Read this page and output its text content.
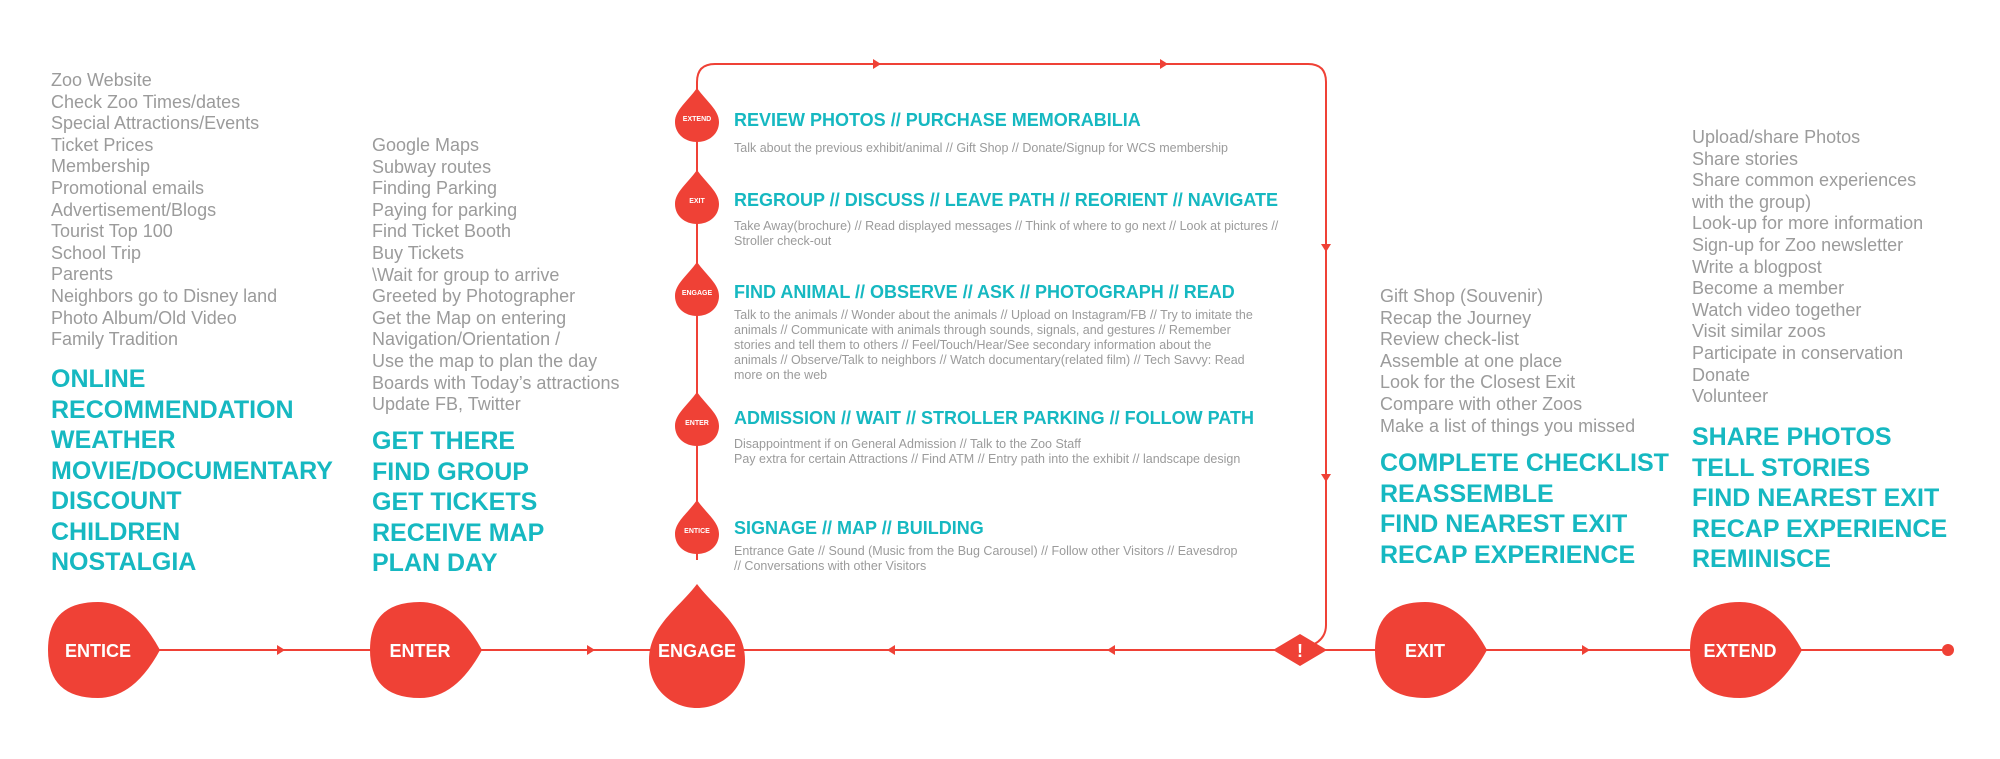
Zoo Website
Check Zoo Times/dates
Special Attractions/Events
Ticket Prices
Membership
Promotional emails
Advertisement/Blogs
Tourist Top 100
School Trip
Parents
Neighbors go to Disney land
Photo Album/Old Video
Family Tradition
ONLINE
RECOMMENDATION
WEATHER
MOVIE/DOCUMENTARY
DISCOUNT
CHILDREN
NOSTALGIA
Google Maps
Subway routes
Finding Parking
Paying for parking
Find Ticket Booth
Buy Tickets
\Wait for group to arrive
Greeted by Photographer
Get the Map on entering
Navigation/Orientation /
Use the map to plan the day
Boards with Today’s attractions
Update FB, Twitter
GET THERE
FIND GROUP
GET TICKETS
RECEIVE MAP
PLAN DAY
Gift Shop (Souvenir)
Recap the Journey
Review check-list
Assemble at one place
Look for the Closest Exit
Compare with other Zoos
Make a list of things you missed
COMPLETE CHECKLIST
REASSEMBLE
FIND NEAREST EXIT
RECAP EXPERIENCE
Upload/share Photos
Share stories
Share common experiences
with the group)
Look-up for more information
Sign-up for Zoo newsletter
Write a blogpost
Become a member
Watch video together
Visit similar zoos
Participate in conservation
Donate
Volunteer
SHARE PHOTOS
TELL STORIES
FIND NEAREST EXIT
RECAP EXPERIENCE
REMINISCE
REVIEW PHOTOS // PURCHASE MEMORABILIA
Talk about the previous exhibit/animal // Gift Shop // Donate/Signup for WCS membership
REGROUP // DISCUSS // LEAVE PATH // REORIENT // NAVIGATE
Take Away(brochure) // Read displayed messages // Think of where to go next // Look at pictures //
Stroller check-out
FIND ANIMAL // OBSERVE // ASK // PHOTOGRAPH // READ
Talk to the animals // Wonder about the animals // Upload on Instagram/FB // Try to imitate the
animals // Communicate with animals through sounds, signals, and gestures // Remember
stories and tell them to others // Feel/Touch/Hear/See secondary information about the
animals // Observe/Talk to neighbors // Watch documentary(related film) // Tech Savvy: Read
more on the web
ADMISSION // WAIT // STROLLER PARKING // FOLLOW PATH
Disappointment if on General Admission // Talk to the Zoo Staff
Pay extra for certain Attractions // Find ATM // Entry path into the exhibit // landscape design
SIGNAGE // MAP // BUILDING
Entrance Gate // Sound (Music from the Bug Carousel) // Follow other Visitors // Eavesdrop
// Conversations with other Visitors
EXTEND
EXIT
ENGAGE
ENTER
ENTICE
ENTICE	ENTER	ENGAGE	!	EXIT	EXTEND
